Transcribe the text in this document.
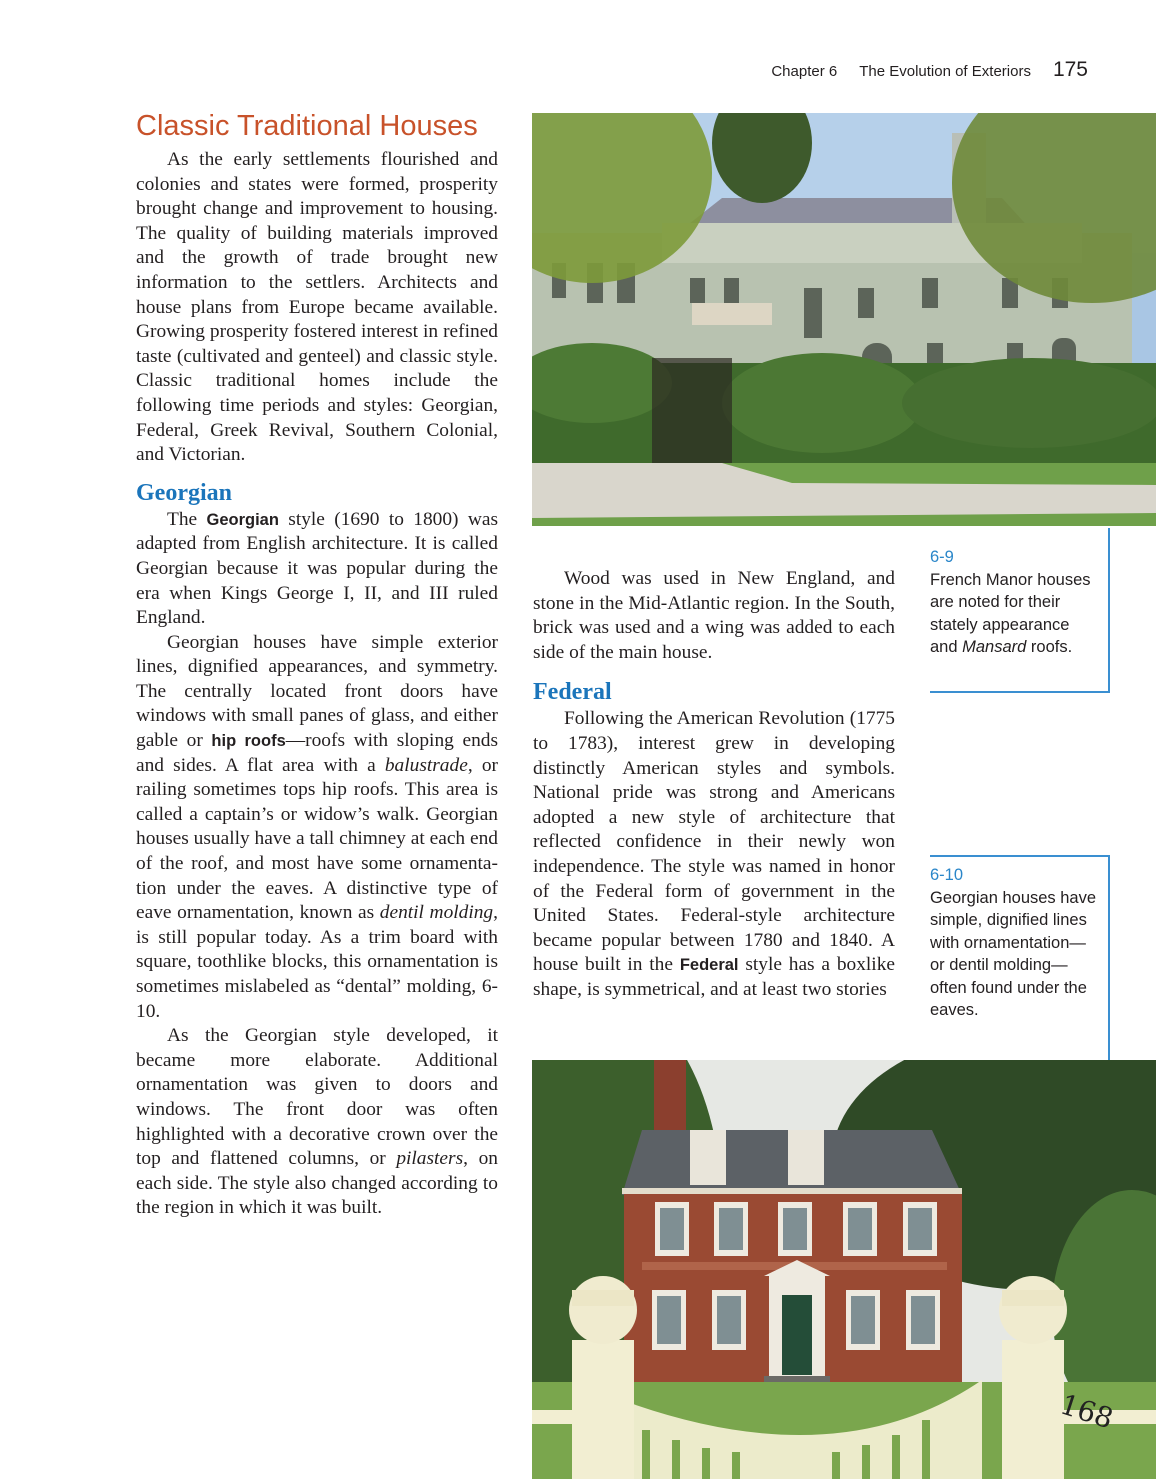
Chapter 6 The Evolution of Exteriors 175
Classic Traditional Houses

As the early settlements flourished and colonies and states were formed, prosperity brought change and improvement to housing. The quality of building materials improved and the growth of trade brought new information to the settlers. Architects and house plans from Europe became available. Growing prosperity fostered interest in refined taste (cultivated and genteel) and classic style. Classic traditional homes include the following time periods and styles: Georgian, Federal, Greek Revival, Southern Colonial, and Victorian.

Georgian

The Georgian style (1690 to 1800) was adapted from English architecture. It is called Georgian because it was popular during the era when Kings George I, II, and III ruled England.

Georgian houses have simple exterior lines, dignified appearances, and symmetry. The centrally located front doors have windows with small panes of glass, and either gable or hip roofs—roofs with sloping ends and sides. A flat area with a balustrade, or railing sometimes tops hip roofs. This area is called a captain’s or widow’s walk. Georgian houses usually have a tall chimney at each end of the roof, and most have some ornamentation under the eaves. A distinctive type of eave ornamentation, known as dentil molding, is still popular today. As a trim board with square, toothlike blocks, this ornamentation is sometimes mislabeled as “dental” molding, 6-10.

As the Georgian style developed, it became more elaborate. Additional ornamentation was given to doors and windows. The front door was often highlighted with a decorative crown over the top and flattened columns, or pilasters, on each side. The style also changed according to the region in which it was built.

Wood was used in New England, and stone in the Mid-Atlantic region. In the South, brick was used and a wing was added to each side of the main house.

Federal

Following the American Revolution (1775 to 1783), interest grew in developing distinctly American styles and symbols. National pride was strong and Americans adopted a new style of architecture that reflected confidence in their newly won independence. The style was named in honor of the Federal form of government in the United States. Federal-style architecture became popular between 1780 and 1840. A house built in the Federal style has a boxlike shape, is symmetrical, and at least two stories

6-9
French Manor houses are noted for their stately appearance and Mansard roofs.
6-10
Georgian houses have simple, dignified lines with ornamentation—or dentil molding—often found under the eaves.
168
